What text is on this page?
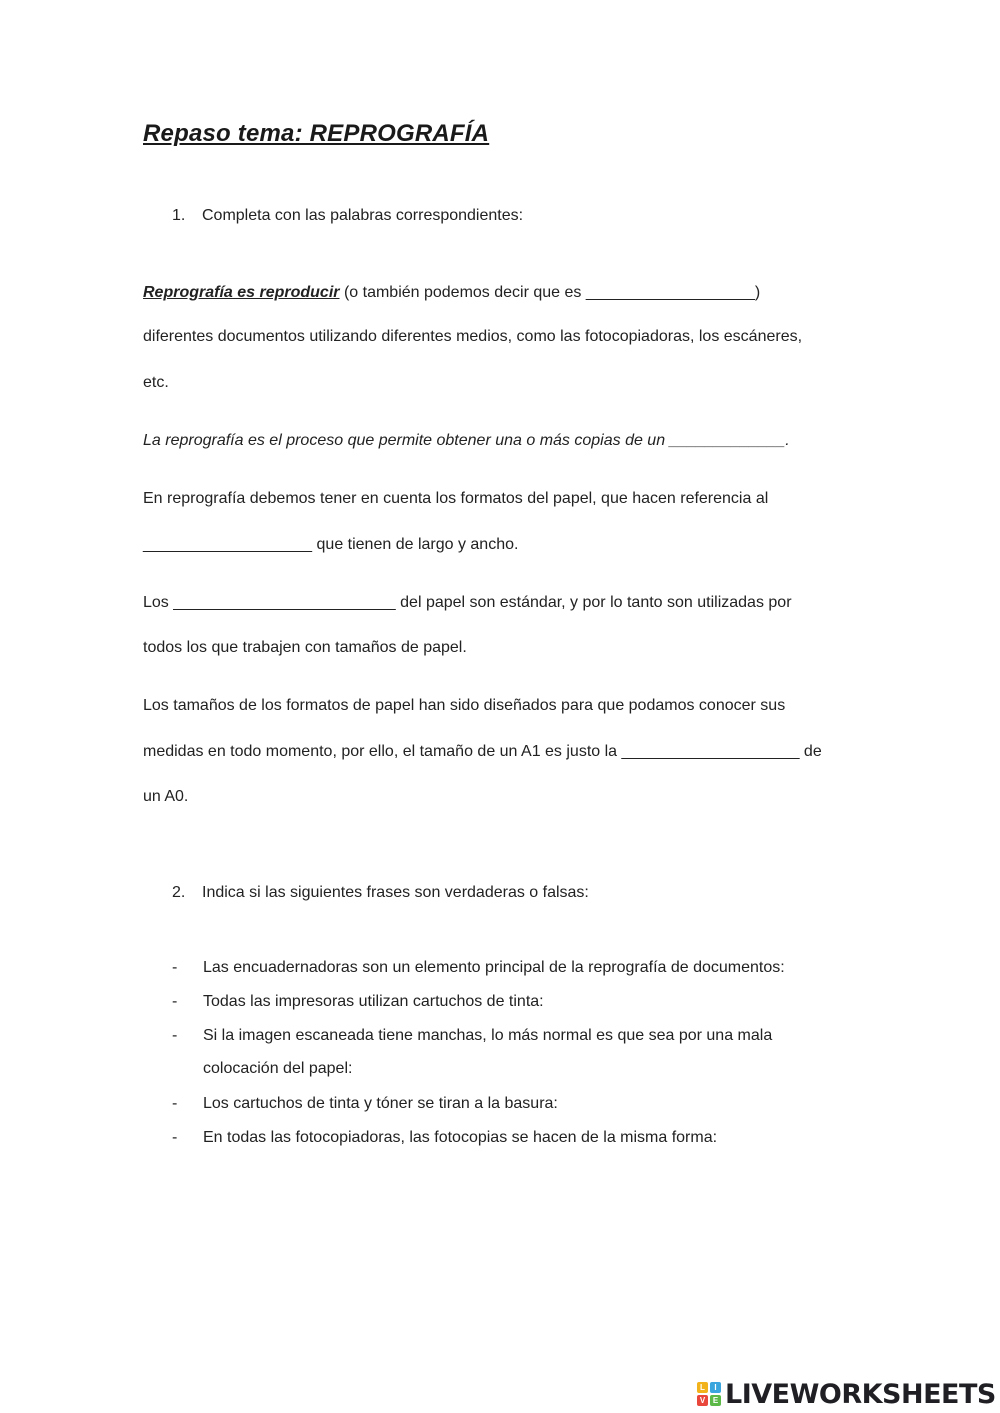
Repaso tema: REPROGRAFÍA
1. Completa con las palabras correspondientes:
Reprografía es reproducir (o también podemos decir que es ___________________)
diferentes documentos utilizando diferentes medios, como las fotocopiadoras, los escáneres,
etc.
La reprografía es el proceso que permite obtener una o más copias de un _____________.
En reprografía debemos tener en cuenta los formatos del papel, que hacen referencia al
___________________ que tienen de largo y ancho.
Los _________________________ del papel son estándar, y por lo tanto son utilizadas por
todos los que trabajen con tamaños de papel.
Los tamaños de los formatos de papel han sido diseñados para que podamos conocer sus
medidas en todo momento, por ello, el tamaño de un A1 es justo la ____________________ de
un A0.
2. Indica si las siguientes frases son verdaderas o falsas:
- Las encuadernadoras son un elemento principal de la reprografía de documentos:
- Todas las impresoras utilizan cartuchos de tinta:
- Si la imagen escaneada tiene manchas, lo más normal es que sea por una mala
colocación del papel:
- Los cartuchos de tinta y tóner se tiran a la basura:
- En todas las fotocopiadoras, las fotocopias se hacen de la misma forma:
L	I
V E LIVEWORKSHEETS
